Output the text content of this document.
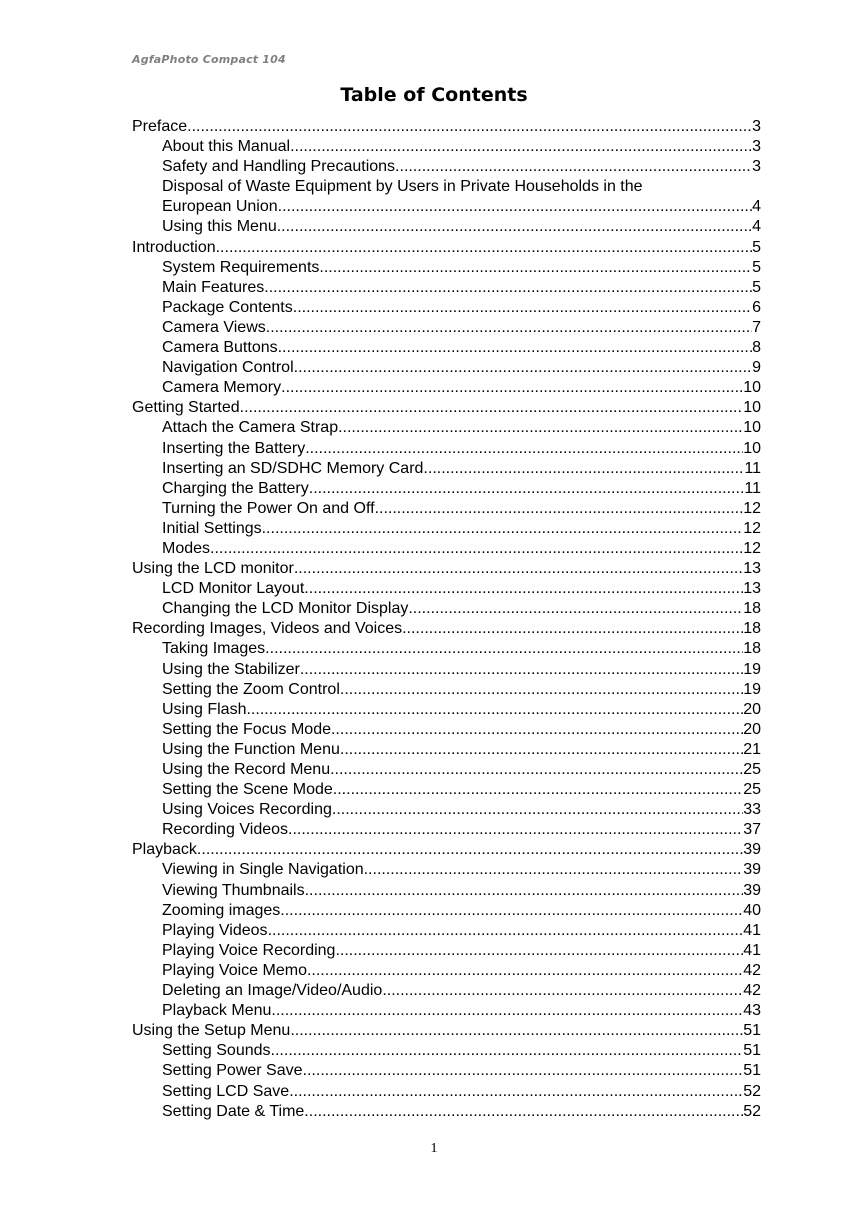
AgfaPhoto Compact 104
Table of Contents
Preface .....	3
About this Manual .....	3
Safety and Handling Precautions .....	3
Disposal of Waste Equipment by Users in Private Households in the
European Union .....	4
Using this Menu .....	4
Introduction .....	5
System Requirements .....	5
Main Features .....	5
Package Contents .....	6
Camera Views .....	7
Camera Buttons .....	8
Navigation Control .....	9
Camera Memory .....	10
Getting Started .....	10
Attach the Camera Strap .....	10
Inserting the Battery .....	10
Inserting an SD/SDHC Memory Card .....	11
Charging the Battery .....	11
Turning the Power On and Off .....	12
Initial Settings .....	12
Modes .....	12
Using the LCD monitor .....	13
LCD Monitor Layout .....	13
Changing the LCD Monitor Display .....	18
Recording Images, Videos and Voices .....	18
Taking Images .....	18
Using the Stabilizer .....	19
Setting the Zoom Control .....	19
Using Flash .....	20
Setting the Focus Mode .....	20
Using the Function Menu .....	21
Using the Record Menu .....	25
Setting the Scene Mode .....	25
Using Voices Recording .....	33
Recording Videos .....	37
Playback .....	39
Viewing in Single Navigation .....	39
Viewing Thumbnails .....	39
Zooming images .....	40
Playing Videos .....	41
Playing Voice Recording .....	41
Playing Voice Memo .....	42
Deleting an Image/Video/Audio .....	42
Playback Menu .....	43
Using the Setup Menu .....	51
Setting Sounds .....	51
Setting Power Save .....	51
Setting LCD Save .....	52
Setting Date & Time .....	52
1
